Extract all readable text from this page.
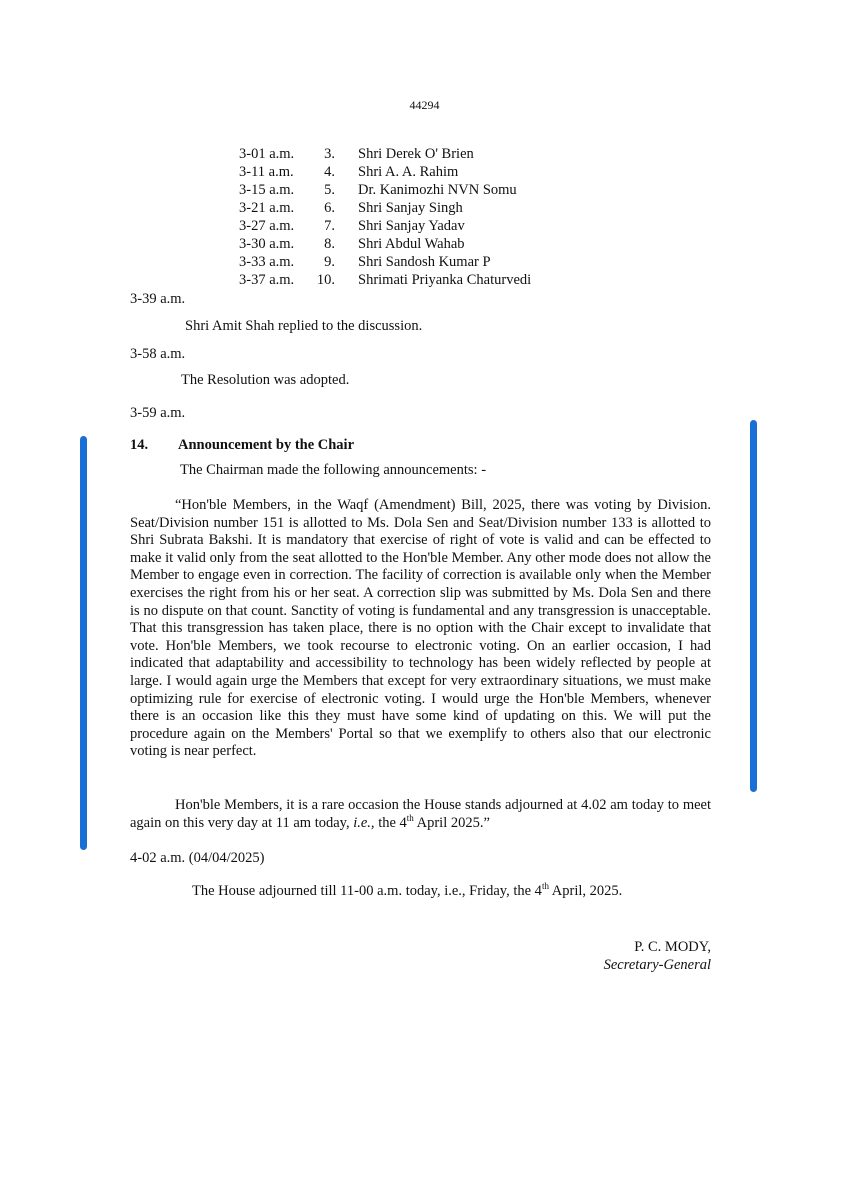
44294
3-01 a.m.	3. Shri Derek O' Brien
3-11 a.m.	4. Shri A. A. Rahim
3-15 a.m.	5. Dr. Kanimozhi NVN Somu
3-21 a.m.	6. Shri Sanjay Singh
3-27 a.m.	7. Shri Sanjay Yadav
3-30 a.m.	8. Shri Abdul Wahab
3-33 a.m.	9. Shri Sandosh Kumar P
3-37 a.m. 10. Shrimati Priyanka Chaturvedi
3-39 a.m.
Shri Amit Shah replied to the discussion.
3-58 a.m.
The Resolution was adopted.
3-59 a.m.
14. Announcement by the Chair
The Chairman made the following announcements: -
“Hon'ble Members, in the Waqf (Amendment) Bill, 2025, there was voting by Division. Seat/Division number 151 is allotted to Ms. Dola Sen and Seat/Division number 133 is allotted to Shri Subrata Bakshi. It is mandatory that exercise of right of vote is valid and can be effected to make it valid only from the seat allotted to the Hon'ble Member. Any other mode does not allow the Member to engage even in correction. The facility of correction is available only when the Member exercises the right from his or her seat. A correction slip was submitted by Ms. Dola Sen and there is no dispute on that count. Sanctity of voting is fundamental and any transgression is unacceptable. That this transgression has taken place, there is no option with the Chair except to invalidate that vote. Hon'ble Members, we took recourse to electronic voting. On an earlier occasion, I had indicated that adaptability and accessibility to technology has been widely reflected by people at large. I would again urge the Members that except for very extraordinary situations, we must make optimizing rule for exercise of electronic voting. I would urge the Hon'ble Members, whenever there is an occasion like this they must have some kind of updating on this. We will put the procedure again on the Members' Portal so that we exemplify to others also that our electronic voting is near perfect.
Hon'ble Members, it is a rare occasion the House stands adjourned at 4.02 am today to meet again on this very day at 11 am today, i.e., the 4th April 2025.”
4-02 a.m. (04/04/2025)
The House adjourned till 11-00 a.m. today, i.e., Friday, the 4th April, 2025.
P. C. MODY,
Secretary-General
